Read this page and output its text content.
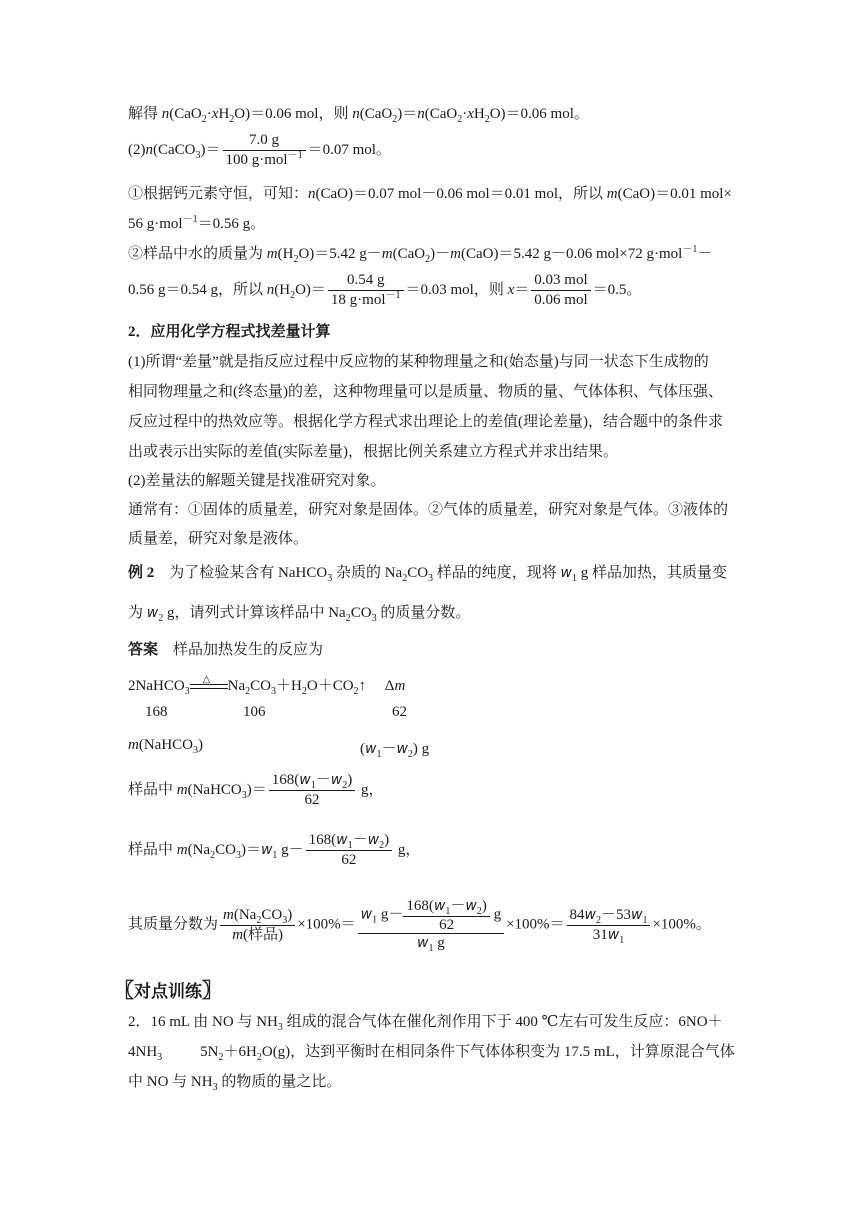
解得 $n(CaO_2\cdot xH_2O)=0.06$ mol，则 $n(CaO_2)=n(CaO_2\cdot xH_2O)=0.06$ mol。
(2)n(CaCO$_3$)＝ $\frac{7.0 g}{100 g\cdot mol^{-1}} =0.07$ mol。
①根据钙元素守恒，可知：n(CaO)＝0.07 mol－0.06 mol＝0.01 mol，所以 m(CaO)＝0.01 mol×
56 g·mol$^{-1}$＝0.56 g。
②样品中水的质量为 $m(H_2O)=5.42$ g－m(CaO$_2$)－m(CaO)＝5.42 g－0.06 mol×72 g·mol$^{-1}$－
0.56 g＝0.54 g，所以 $n(H_2O)= \frac{0.54 g}{18 g\cdot mol^{-1}} =0.03$ mol，则 $x= \frac{\text{0.03 mol}}{\text{0.06 mol}} =0.5$。
2．应用化学方程式找差量计算
(1)所谓“差量”就是指反应过程中反应物的某种物理量之和(始态量)与同一状态下生成物的
相同物理量之和(终态量)的差，这种物理量可以是质量、物质的量、气体体积、气体压强、
反应过程中的热效应等。根据化学方程式求出理论上的差值(理论差量)，结合题中的条件求
出或表示出实际的差值(实际差量)，根据比例关系建立方程式并求出结果。
(2)差量法的解题关键是找准研究对象。
通常有：①固体的质量差，研究对象是固体。②气体的质量差，研究对象是气体。③液体的
质量差，研究对象是液体。
例 2　为了检验某含有 NaHCO$_3$ 杂质的 $Na_2CO_3$ 样品的纯度，现将 $w_1$ g 样品加热，其质量变
为 $w_2$ g，请列式计算该样品中 $Na_2CO_3$ 的质量分数。
答案　 样品加热发生的反应为
2NaHCO$_3$
△ $Na_2CO_3+H_2O+CO_2↑$　 Δm
168	106	62
m(NaHCO$_3$)	$(w_1-w_2)$ g
样品中 m(NaHCO$_3$)＝ $\frac{168(w_1-w_2)}{62}$ g，
样品中 $m(Na_2CO_3)=w_1$ $g- \frac{168(w_1-w_2)}{62}$ g，
其质量分数为 $\frac{m(Na_2CO_3)}{\text{m(样品)}} \times 100\%= \frac{w_1 g- \frac{168(w_1-w_2)}{62} g}{w_1 g} \times 100\%= \frac{84w_2-53w_1}{31w_1} \times 100\%$。
〖对点训练〗
2．16 mL 由 NO 与 $NH_3$ 组成的混合气体在催化剂作用下于 400 ℃左右可发生反应：6NO＋
$4NH_3$	$5N_2+6H_2O(g)$，达到平衡时在相同条件下气体体积变为 17.5 mL，计算原混合气体
中 NO 与 $NH_3$ 的物质的量之比。
